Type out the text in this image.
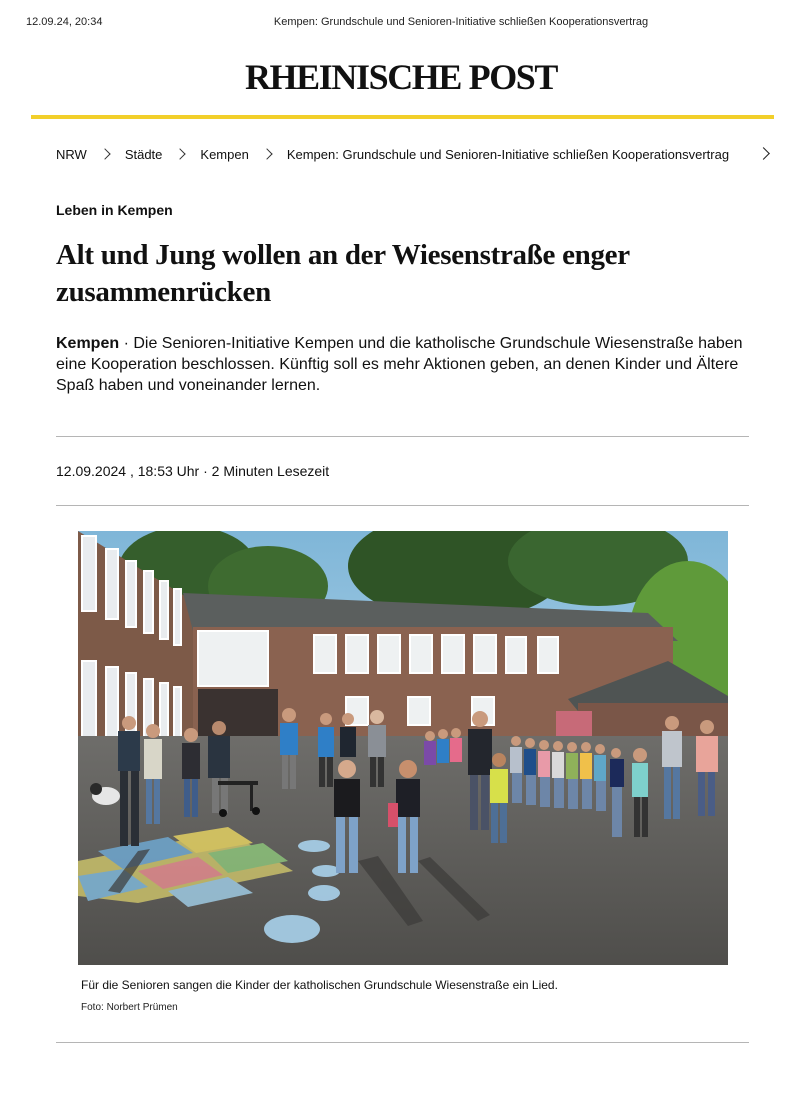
12.09.24, 20:34	Kempen: Grundschule und Senioren-Initiative schließen Kooperationsvertrag
RHEINISCHE POST
NRW	Städte	Kempen	Kempen: Grundschule und Senioren-Initiative schließen Kooperationsvertrag
Leben in Kempen
Alt und Jung wollen an der Wiesenstraße enger zusammenrücken

Kempen · Die Senioren-Initiative Kempen und die katholische Grundschule Wiesenstraße haben eine Kooperation beschlossen. Künftig soll es mehr Aktionen geben, an denen Kinder und Ältere Spaß haben und voneinander lernen.

12.09.2024 , 18:53 Uhr · 2 Minuten Lesezeit
Für die Senioren sangen die Kinder der katholischen Grundschule Wiesenstraße ein Lied.
Foto: Norbert Prümen
